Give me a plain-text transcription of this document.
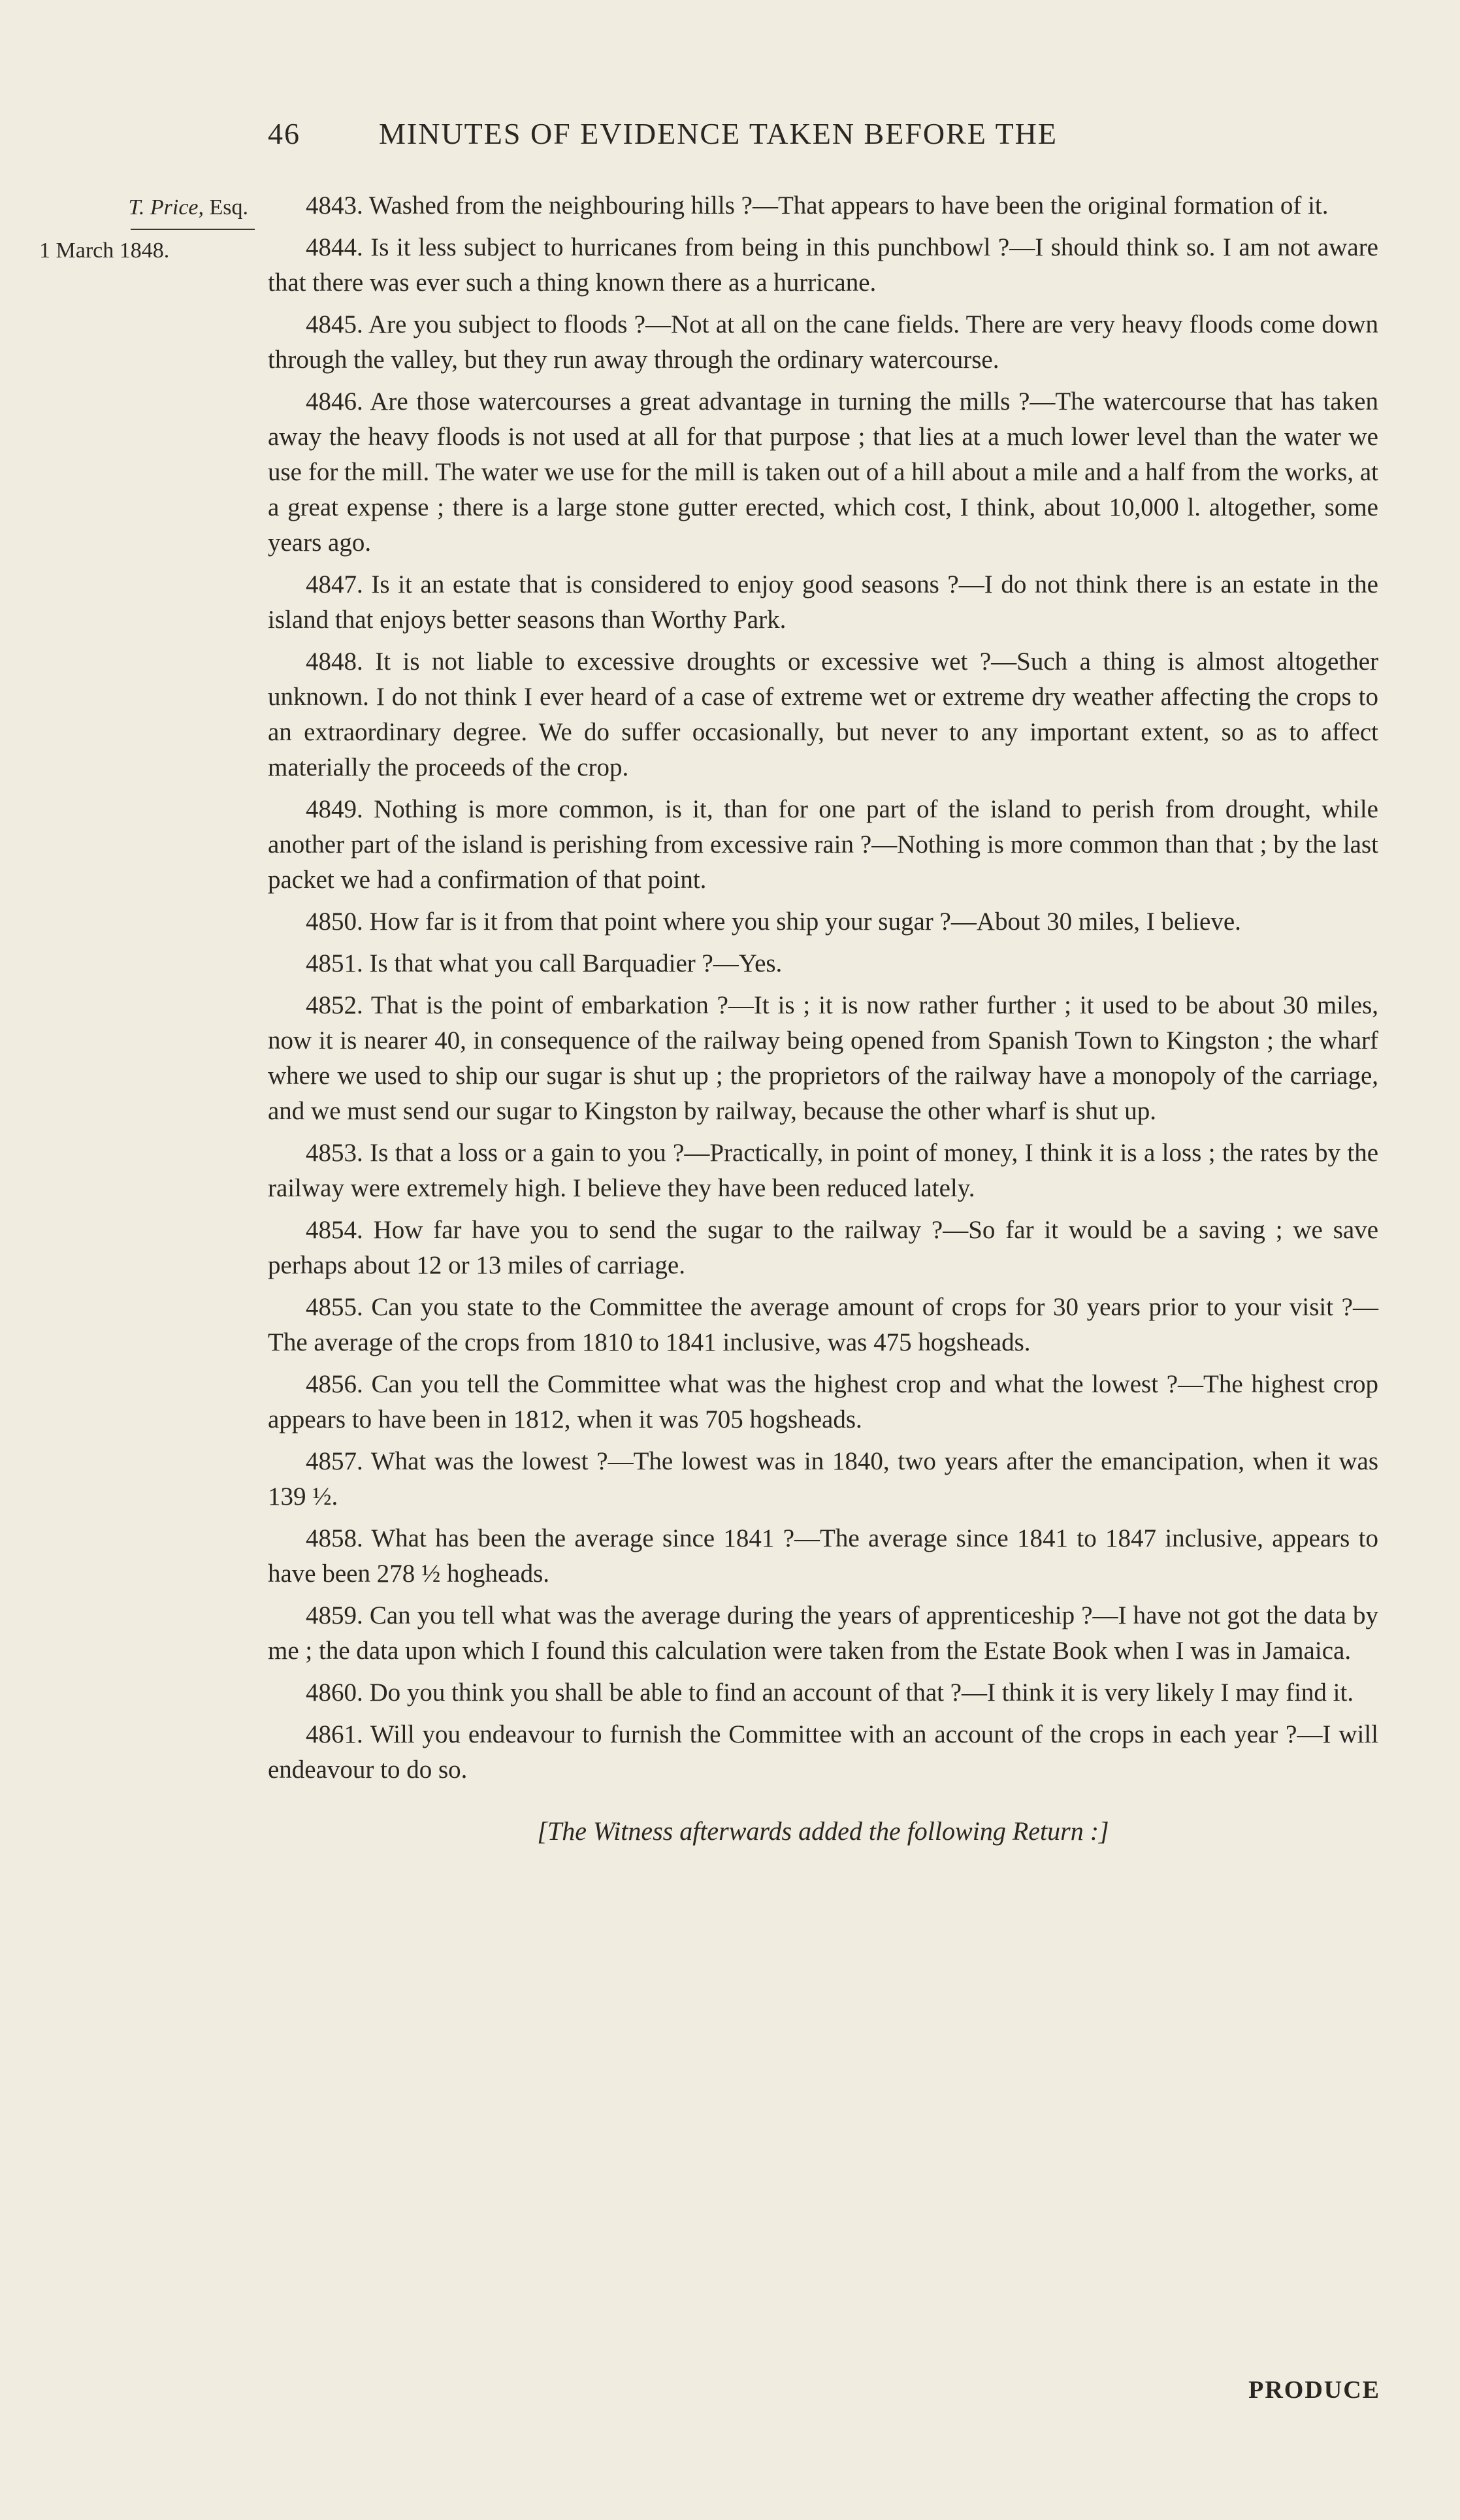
46	MINUTES OF EVIDENCE TAKEN BEFORE THE
T. Price, Esq.
1 March 1848.

4843. Washed from the neighbouring hills ?—That appears to have been the original formation of it.

4844. Is it less subject to hurricanes from being in this punchbowl ?—I should think so. I am not aware that there was ever such a thing known there as a hurricane.

4845. Are you subject to floods ?—Not at all on the cane fields. There are very heavy floods come down through the valley, but they run away through the ordinary watercourse.

4846. Are those watercourses a great advantage in turning the mills ?—The watercourse that has taken away the heavy floods is not used at all for that purpose ; that lies at a much lower level than the water we use for the mill. The water we use for the mill is taken out of a hill about a mile and a half from the works, at a great expense ; there is a large stone gutter erected, which cost, I think, about 10,000 l. altogether, some years ago.

4847. Is it an estate that is considered to enjoy good seasons ?—I do not think there is an estate in the island that enjoys better seasons than Worthy Park.

4848. It is not liable to excessive droughts or excessive wet ?—Such a thing is almost altogether unknown. I do not think I ever heard of a case of extreme wet or extreme dry weather affecting the crops to an extraordinary degree. We do suffer occasionally, but never to any important extent, so as to affect materially the proceeds of the crop.

4849. Nothing is more common, is it, than for one part of the island to perish from drought, while another part of the island is perishing from excessive rain ?—Nothing is more common than that ; by the last packet we had a confirmation of that point.

4850. How far is it from that point where you ship your sugar ?—About 30 miles, I believe.

4851. Is that what you call Barquadier ?—Yes.

4852. That is the point of embarkation ?—It is ; it is now rather further ; it used to be about 30 miles, now it is nearer 40, in consequence of the railway being opened from Spanish Town to Kingston ; the wharf where we used to ship our sugar is shut up ; the proprietors of the railway have a monopoly of the carriage, and we must send our sugar to Kingston by railway, because the other wharf is shut up.

4853. Is that a loss or a gain to you ?—Practically, in point of money, I think it is a loss ; the rates by the railway were extremely high. I believe they have been reduced lately.

4854. How far have you to send the sugar to the railway ?—So far it would be a saving ; we save perhaps about 12 or 13 miles of carriage.

4855. Can you state to the Committee the average amount of crops for 30 years prior to your visit ?—The average of the crops from 1810 to 1841 inclusive, was 475 hogsheads.

4856. Can you tell the Committee what was the highest crop and what the lowest ?—The highest crop appears to have been in 1812, when it was 705 hogsheads.

4857. What was the lowest ?—The lowest was in 1840, two years after the emancipation, when it was 139 ½.

4858. What has been the average since 1841 ?—The average since 1841 to 1847 inclusive, appears to have been 278 ½ hogheads.

4859. Can you tell what was the average during the years of apprenticeship ?—I have not got the data by me ; the data upon which I found this calculation were taken from the Estate Book when I was in Jamaica.

4860. Do you think you shall be able to find an account of that ?—I think it is very likely I may find it.

4861. Will you endeavour to furnish the Committee with an account of the crops in each year ?—I will endeavour to do so.

[The Witness afterwards added the following Return :]
PRODUCE
